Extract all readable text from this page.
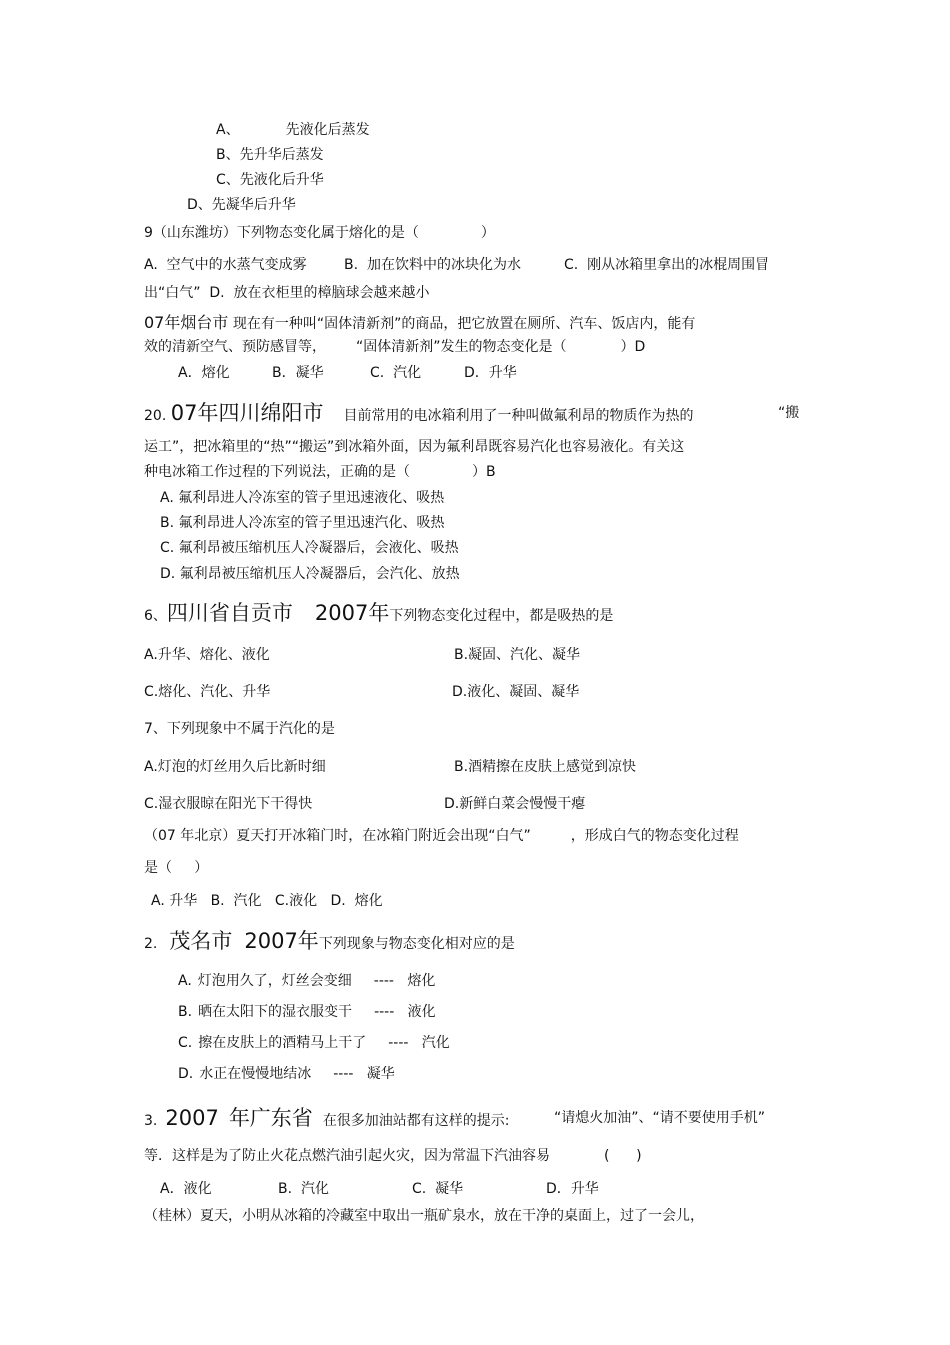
A、	先液化后蒸发
B、先升华后蒸发
C、先液化后升华
D、先凝华后升华
9（山东潍坊）下列物态变化属于熔化的是（	）
A.  空气中的水蒸气变成雾	B.  加在饮料中的冰块化为水	C.  刚从冰箱里拿出的冰棍周围冒
出“白气”  D.  放在衣柜里的樟脑球会越来越小
07年烟台市 现在有一种叫“固体清新剂”的商品，把它放置在厕所、汽车、饭店内，能有
效的清新空气、预防感冒等， “固体清新剂”发生的物态变化是（	）D
A．熔化	B．凝华	C.  汽化	D．升华
20. 07年四川绵阳市 目前常用的电冰箱利用了一种叫做氟利昂的物质作为热的	“搬
运工”，把冰箱里的“热”“搬运”到冰箱外面，因为氟利昂既容易汽化也容易液化。有关这
种电冰箱工作过程的下列说法，正确的是（	）B
A. 氟利昂进人冷冻室的管子里迅速液化、吸热
B. 氟利昂进人冷冻室的管子里迅速汽化、吸热
C. 氟利昂被压缩机压人冷凝器后，会液化、吸热
D. 氟利昂被压缩机压人冷凝器后，会汽化、放热
6、四川省自贡市 2007年下列物态变化过程中，都是吸热的是
A.升华、熔化、液化	B.凝固、汽化、凝华
C.熔化、汽化、升华	D.液化、凝固、凝华
7、下列现象中不属于汽化的是
A.灯泡的灯丝用久后比新时细	B.酒精擦在皮肤上感觉到凉快
C.湿衣服晾在阳光下干得快	D.新鲜白菜会慢慢干瘪
（07 年北京）夏天打开冰箱门时，在冰箱门附近会出现“白气”	，形成白气的物态变化过程
是（     ）
A. 升华   B.  汽化   C.液化   D.  熔化
2. 茂名市 2007年下列现象与物态变化相对应的是
A. 灯泡用久了，灯丝会变细 ----   熔化
B. 晒在太阳下的湿衣服变干 ----   液化
C. 擦在皮肤上的酒精马上干了 ----   汽化
D. 水正在慢慢地结冰 ----   凝华
3. 2007 年广东省 在很多加油站都有这样的提示:	“请熄火加油”、“请不要使用手机”
等．这样是为了防止火花点燃汽油引起火灾，因为常温下汽油容易	(      )
A．液化	B.  汽化	C.  凝华	D．升华
（桂林）夏天，小明从冰箱的冷藏室中取出一瓶矿泉水，放在干净的桌面上，过了一会儿，
